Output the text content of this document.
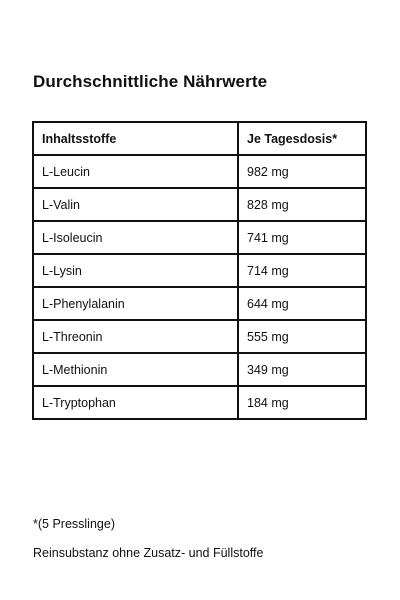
Durchschnittliche Nährwerte
Inhaltsstoffe	Je Tagesdosis*
L-Leucin	982 mg
L-Valin	828 mg
L-Isoleucin	741 mg
L-Lysin	714 mg
L-Phenylalanin	644 mg
L-Threonin	555 mg
L-Methionin	349 mg
L-Tryptophan	184 mg

*(5 Presslinge)

Reinsubstanz ohne Zusatz- und Füllstoffe
